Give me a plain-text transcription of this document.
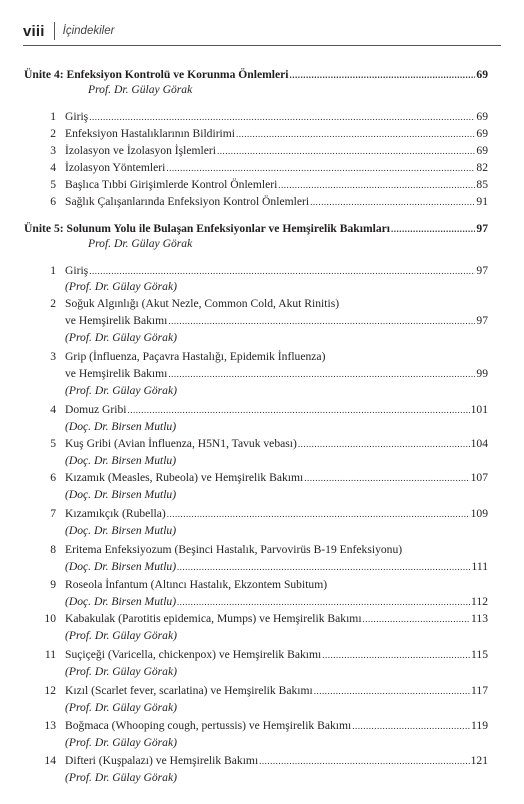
viii İçindekiler
Ünite 4: Enfeksiyon Kontrolü ve Korunma Önlemleri .....	69
Prof. Dr. Gülay Görak
1 Giriş .....	69
2 Enfeksiyon Hastalıklarının Bildirimi .....	69
3 İzolasyon ve İzolasyon İşlemleri .....	69
4 İzolasyon Yöntemleri .....	82
5 Başlıca Tıbbi Girişimlerde Kontrol Önlemleri .....	85
6 Sağlık Çalışanlarında Enfeksiyon Kontrol Önlemleri .....	91
Ünite 5: Solunum Yolu ile Bulaşan Enfeksiyonlar ve Hemşirelik Bakımları .....	97
Prof. Dr. Gülay Görak
1 Giriş .....	97
(Prof. Dr. Gülay Görak)
2 Soğuk Algınlığı (Akut Nezle, Common Cold, Akut Rinitis)
ve Hemşirelik Bakımı .....	97
(Prof. Dr. Gülay Görak)
3 Grip (İnfluenza, Paçavra Hastalığı, Epidemik İnfluenza)
ve Hemşirelik Bakımı .....	99
(Prof. Dr. Gülay Görak)
4 Domuz Gribi .....	101
(Doç. Dr. Birsen Mutlu)
5 Kuş Gribi (Avian İnfluenza, H5N1, Tavuk vebası) .....	104
(Doç. Dr. Birsen Mutlu)
6 Kızamık (Measles, Rubeola) ve Hemşirelik Bakımı .....	107
(Doç. Dr. Birsen Mutlu)
7 Kızamıkçık (Rubella) .....	109
(Doç. Dr. Birsen Mutlu)
8 Eritema Enfeksiyozum (Beşinci Hastalık, Parvovirüs B-19 Enfeksiyonu)
(Doç. Dr. Birsen Mutlu) .....	111
9 Roseola İnfantum (Altıncı Hastalık, Ekzontem Subitum)
(Doç. Dr. Birsen Mutlu) .....	112
10 Kabakulak (Parotitis epidemica, Mumps) ve Hemşirelik Bakımı .....	113
(Prof. Dr. Gülay Görak)
11 Suçiçeği (Varicella, chickenpox) ve Hemşirelik Bakımı .....	115
(Prof. Dr. Gülay Görak)
12 Kızıl (Scarlet fever, scarlatina) ve Hemşirelik Bakımı .....	117
(Prof. Dr. Gülay Görak)
13 Boğmaca (Whooping cough, pertussis) ve Hemşirelik Bakımı .....	119
(Prof. Dr. Gülay Görak)
14 Difteri (Kuşpalazı) ve Hemşirelik Bakımı .....	121
(Prof. Dr. Gülay Görak)
